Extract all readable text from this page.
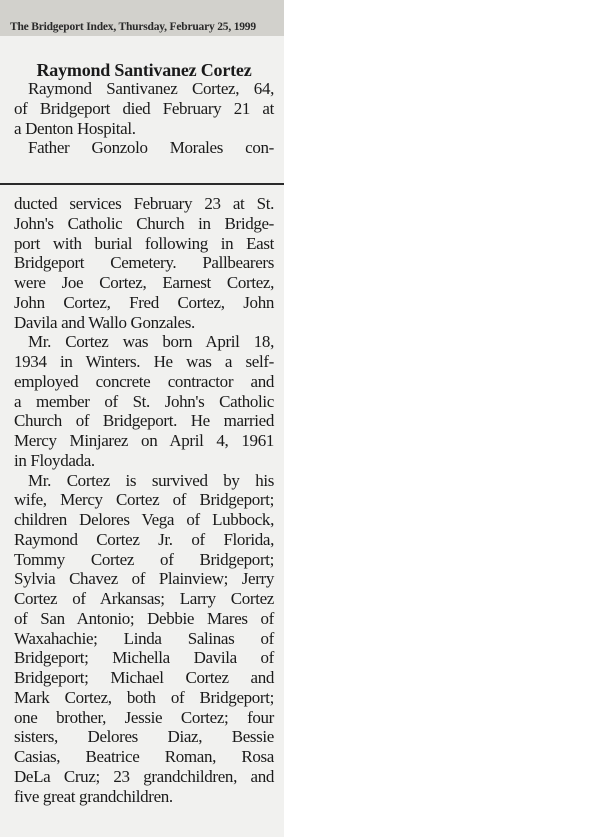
The Bridgeport Index, Thursday, February 25, 1999
Raymond Santivanez Cortez
Raymond Santivanez Cortez, 64,
of Bridgeport died February 21 at
a Denton Hospital.
Father Gonzolo Morales con-
ducted services February 23 at St.
John's Catholic Church in Bridge-
port with burial following in East
Bridgeport Cemetery. Pallbearers
were Joe Cortez, Earnest Cortez,
John Cortez, Fred Cortez, John
Davila and Wallo Gonzales.
Mr. Cortez was born April 18,
1934 in Winters. He was a self-
employed concrete contractor and
a member of St. John's Catholic
Church of Bridgeport. He married
Mercy Minjarez on April 4, 1961
in Floydada.
Mr. Cortez is survived by his
wife, Mercy Cortez of Bridgeport;
children Delores Vega of Lubbock,
Raymond Cortez Jr. of Florida,
Tommy Cortez of Bridgeport;
Sylvia Chavez of Plainview; Jerry
Cortez of Arkansas; Larry Cortez
of San Antonio; Debbie Mares of
Waxahachie; Linda Salinas of
Bridgeport; Michella Davila of
Bridgeport; Michael Cortez and
Mark Cortez, both of Bridgeport;
one brother, Jessie Cortez; four
sisters, Delores Diaz, Bessie
Casias, Beatrice Roman, Rosa
DeLa Cruz; 23 grandchildren, and
five great grandchildren.
